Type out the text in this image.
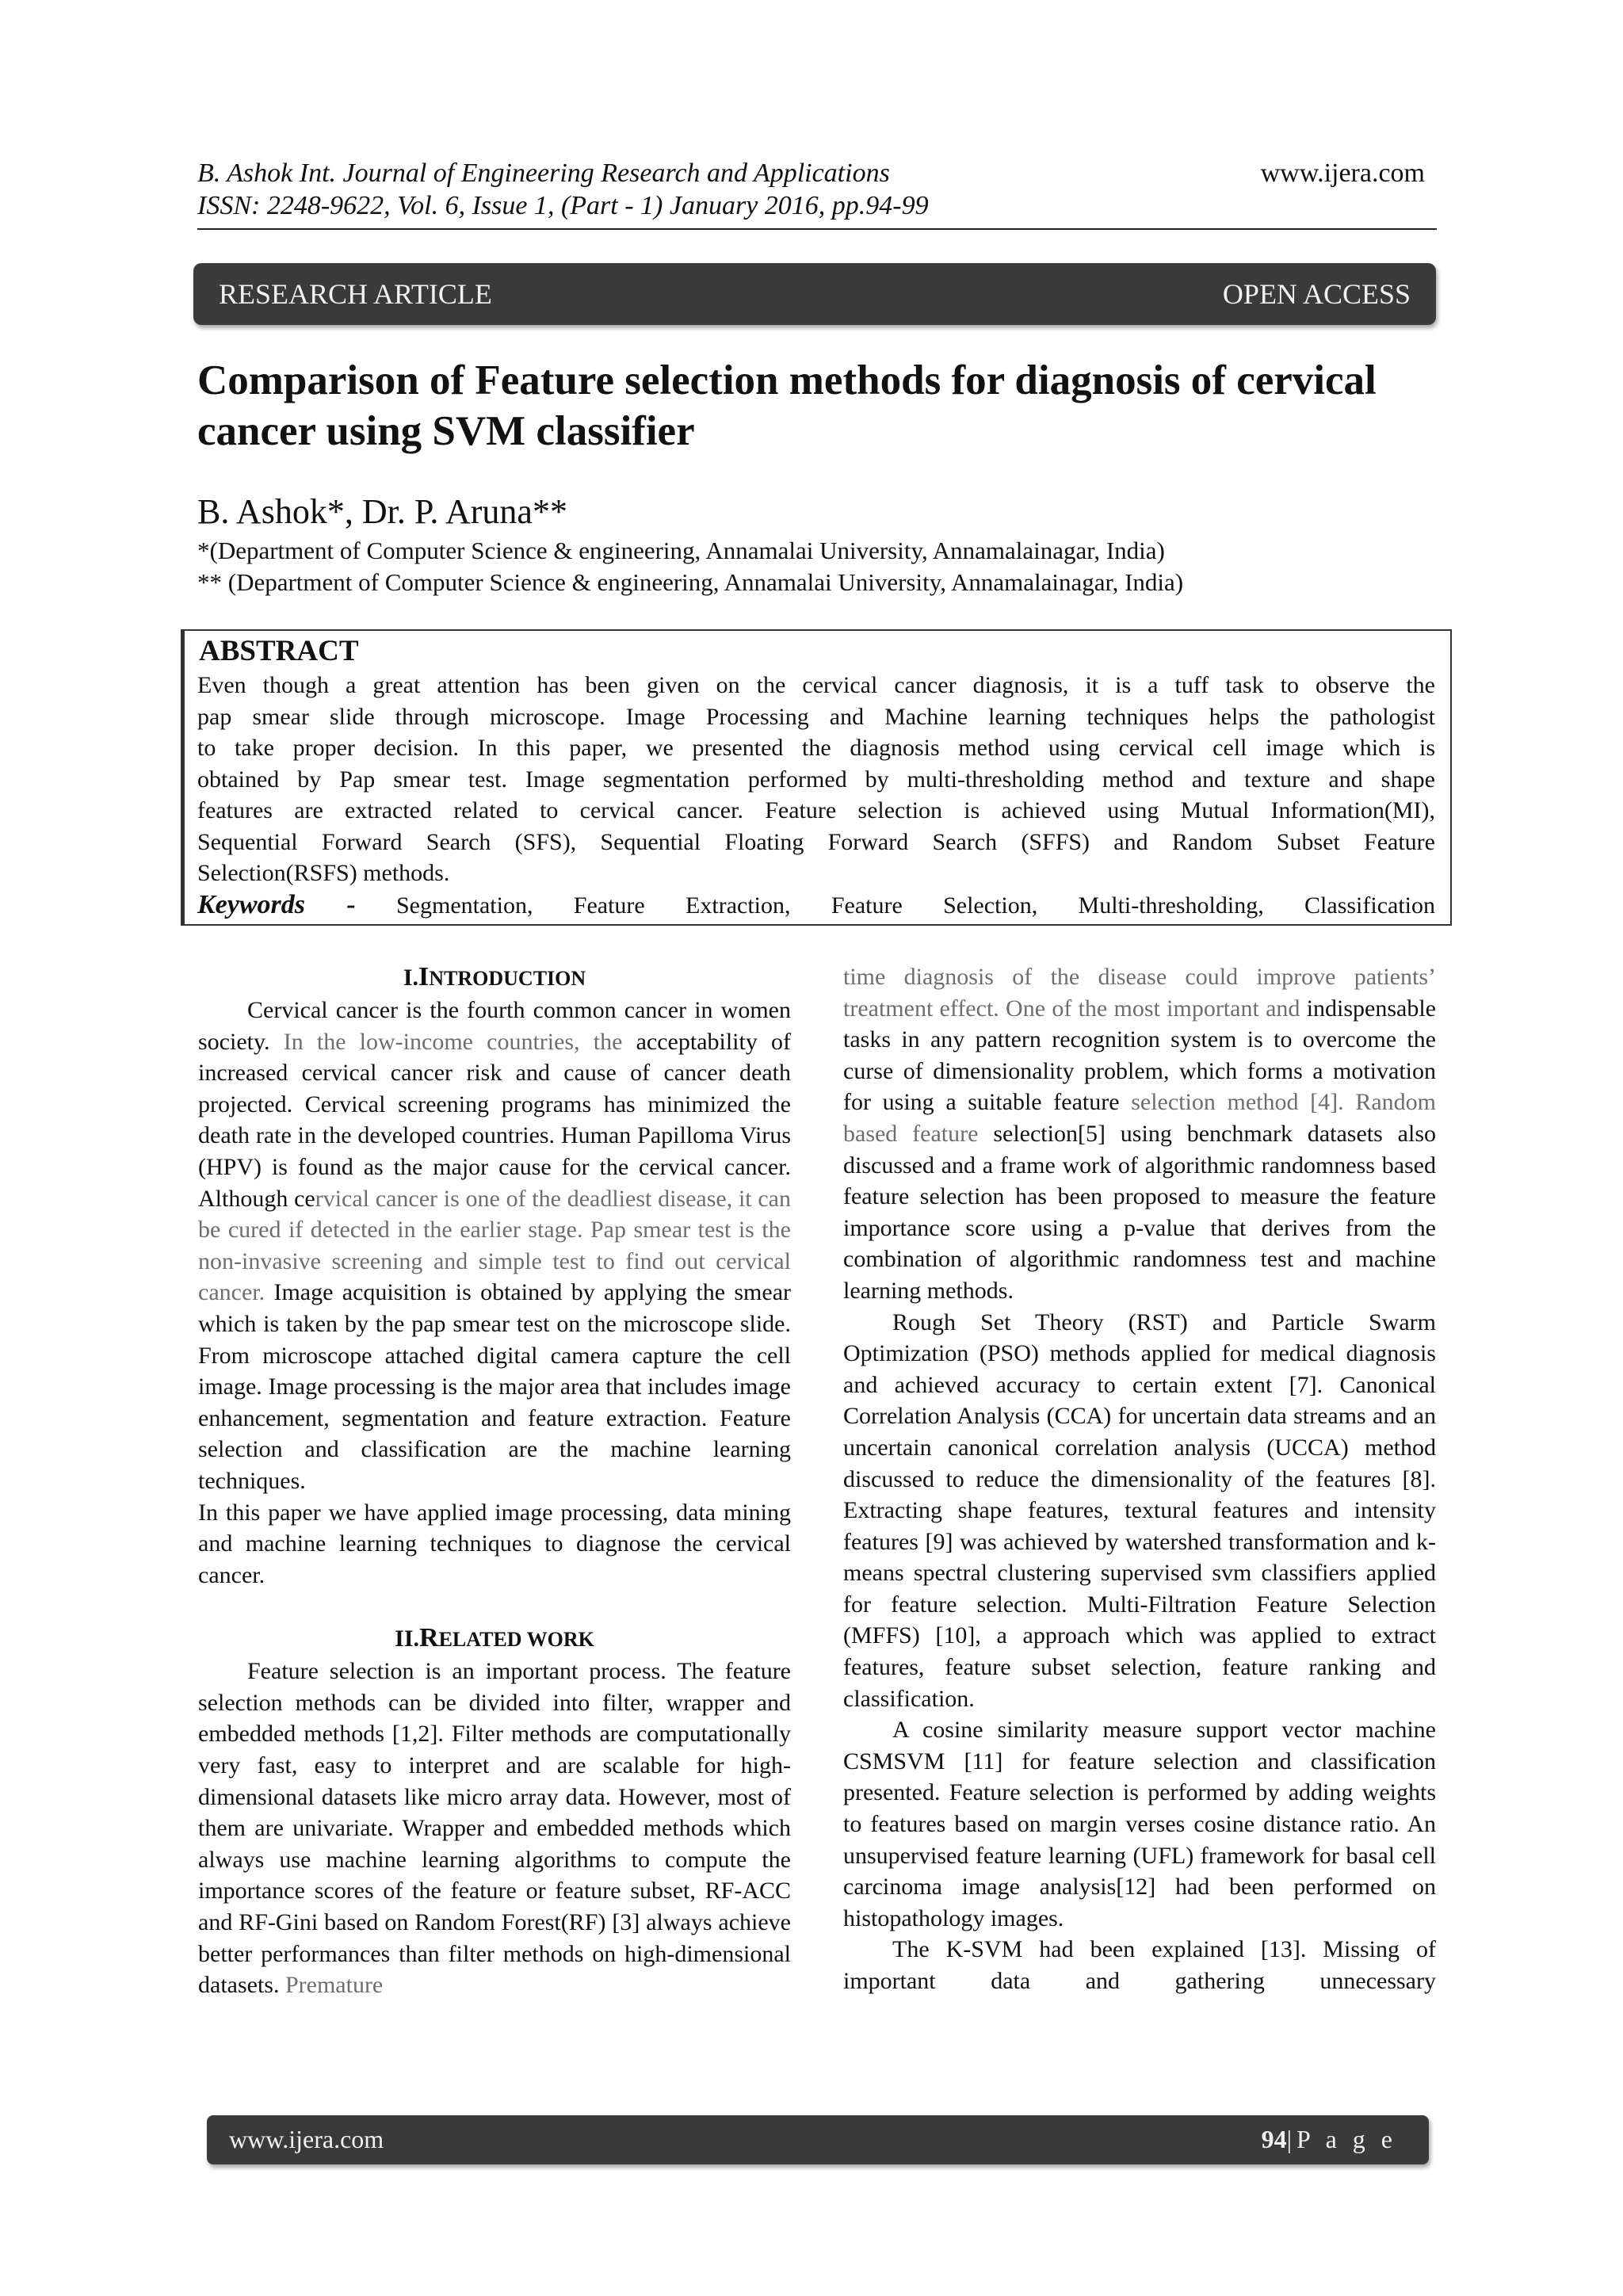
B. Ashok Int. Journal of Engineering Research and Applications
ISSN: 2248-9622, Vol. 6, Issue 1, (Part - 1) January 2016, pp.94-99
www.ijera.com
RESEARCH ARTICLE	OPEN ACCESS
Comparison of Feature selection methods for diagnosis of cervical cancer using SVM classifier
B. Ashok*, Dr. P. Aruna**
*(Department of Computer Science & engineering, Annamalai University, Annamalainagar, India)
** (Department of Computer Science & engineering, Annamalai University, Annamalainagar, India)
ABSTRACT
Even though a great attention has been given on the cervical cancer diagnosis, it is a tuff task to observe the
pap smear slide through microscope. Image Processing and Machine learning techniques helps the pathologist
to take proper decision. In this paper, we presented the diagnosis method using cervical cell image which is
obtained by Pap smear test. Image segmentation performed by multi-thresholding method and texture and shape
features are extracted related to cervical cancer. Feature selection is achieved using Mutual Information(MI),
Sequential Forward Search (SFS), Sequential Floating Forward Search (SFFS) and Random Subset Feature
Selection(RSFS) methods.
Keywords - Segmentation, Feature Extraction, Feature Selection, Multi-thresholding, Classification
I.INTRODUCTION

Cervical cancer is the fourth common cancer in women society. In the low-income countries, the acceptability of increased cervical cancer risk and cause of cancer death projected. Cervical screening programs has minimized the death rate in the developed countries. Human Papilloma Virus (HPV) is found as the major cause for the cervical cancer. Although cervical cancer is one of the deadliest disease, it can be cured if detected in the earlier stage. Pap smear test is the non-invasive screening and simple test to find out cervical cancer. Image acquisition is obtained by applying the smear which is taken by the pap smear test on the microscope slide. From microscope attached digital camera capture the cell image. Image processing is the major area that includes image enhancement, segmentation and feature extraction. Feature selection and classification are the machine learning techniques.

In this paper we have applied image processing, data mining and machine learning techniques to diagnose the cervical cancer.

II.RELATED WORK

Feature selection is an important process. The feature selection methods can be divided into filter, wrapper and embedded methods [1,2]. Filter methods are computationally very fast, easy to interpret and are scalable for high- dimensional datasets like micro array data. However, most of them are univariate. Wrapper and embedded methods which always use machine learning algorithms to compute the importance scores of the feature or feature subset, RF-ACC and RF-Gini based on Random Forest(RF) [3] always achieve better performances than filter methods on high-dimensional datasets. Premature

time diagnosis of the disease could improve patients’ treatment effect. One of the most important and indispensable tasks in any pattern recognition system is to overcome the curse of dimensionality problem, which forms a motivation for using a suitable feature selection method [4]. Random based feature selection[5] using benchmark datasets also discussed and a frame work of algorithmic randomness based feature selection has been proposed to measure the feature importance score using a p-value that derives from the combination of algorithmic randomness test and machine learning methods.

Rough Set Theory (RST) and Particle Swarm Optimization (PSO) methods applied for medical diagnosis and achieved accuracy to certain extent [7]. Canonical Correlation Analysis (CCA) for uncertain data streams and an uncertain canonical correlation analysis (UCCA) method discussed to reduce the dimensionality of the features [8]. Extracting shape features, textural features and intensity features [9] was achieved by watershed transformation and k-means spectral clustering supervised svm classifiers applied for feature selection. Multi-Filtration Feature Selection (MFFS) [10], a approach which was applied to extract features, feature subset selection, feature ranking and classification.

A cosine similarity measure support vector machine CSMSVM [11] for feature selection and classification presented. Feature selection is performed by adding weights to features based on margin verses cosine distance ratio. An unsupervised feature learning (UFL) framework for basal cell carcinoma image analysis[12] had been performed on histopathology images.

The K-SVM had been explained [13]. Missing of important data and gathering unnecessary

www.ijera.com	94|P a g e
